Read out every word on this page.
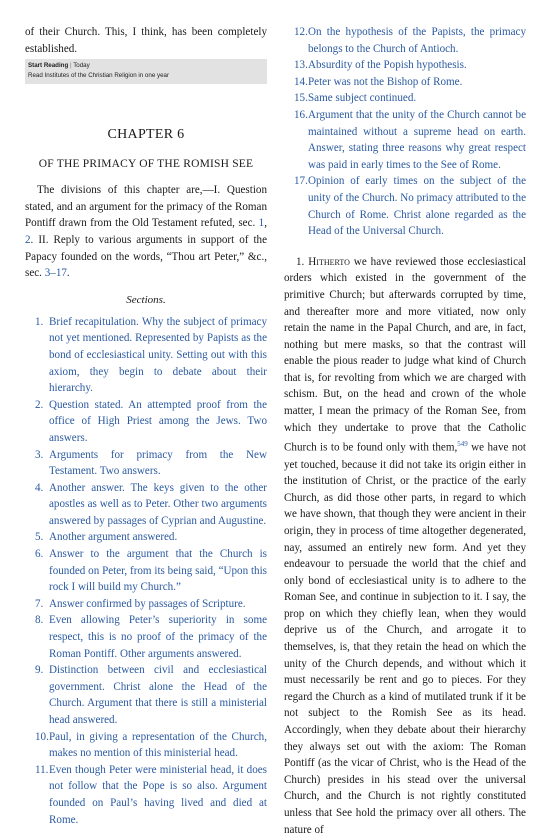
of their Church. This, I think, has been completely established.

Start Reading | Today
Read Institutes of the Christian Religion in one year
CHAPTER 6
OF THE PRIMACY OF THE ROMISH SEE

The divisions of this chapter are,—I. Question stated, and an argument for the primacy of the Roman Pontiff drawn from the Old Testament refuted, sec. 1, 2. II. Reply to various arguments in support of the Papacy founded on the words, “Thou art Peter,” &c., sec. 3–17.

Sections.

1. Brief recapitulation. Why the subject of primacy not yet mentioned. Represented by Papists as the bond of ecclesiastical unity. Setting out with this axiom, they begin to debate about their hierarchy.
2. Question stated. An attempted proof from the office of High Priest among the Jews. Two answers.
3. Arguments for primacy from the New Testament. Two answers.
4. Another answer. The keys given to the other apostles as well as to Peter. Other two arguments answered by passages of Cyprian and Augustine.
5. Another argument answered.
6. Answer to the argument that the Church is founded on Peter, from its being said, “Upon this rock I will build my Church.”
7. Answer confirmed by passages of Scripture.
8. Even allowing Peter’s superiority in some respect, this is no proof of the primacy of the Roman Pontiff. Other arguments answered.
9. Distinction between civil and ecclesiastical government. Christ alone the Head of the Church. Argument that there is still a ministerial head answered.
10.Paul, in giving a representation of the Church, makes no mention of this ministerial head.
11.Even though Peter were ministerial head, it does not follow that the Pope is so also. Argument founded on Paul’s having lived and died at Rome.
12.On the hypothesis of the Papists, the primacy belongs to the Church of Antioch.
13.Absurdity of the Popish hypothesis.
14.Peter was not the Bishop of Rome.
15.Same subject continued.
16.Argument that the unity of the Church cannot be maintained without a supreme head on earth. Answer, stating three reasons why great respect was paid in early times to the See of Rome.
17.Opinion of early times on the subject of the unity of the Church. No primacy attributed to the Church of Rome. Christ alone regarded as the Head of the Universal Church.

1. Hitherto we have reviewed those ecclesiastical orders which existed in the government of the primitive Church; but afterwards corrupted by time, and thereafter more and more vitiated, now only retain the name in the Papal Church, and are, in fact, nothing but mere masks, so that the contrast will enable the pious reader to judge what kind of Church that is, for revolting from which we are charged with schism. But, on the head and crown of the whole matter, I mean the primacy of the Roman See, from which they undertake to prove that the Catholic Church is to be found only with them,$^{549}$ we have not yet touched, because it did not take its origin either in the institution of Christ, or the practice of the early Church, as did those other parts, in regard to which we have shown, that though they were ancient in their origin, they in process of time altogether degenerated, nay, assumed an entirely new form. And yet they endeavour to persuade the world that the chief and only bond of ecclesiastical unity is to adhere to the Roman See, and continue in subjection to it. I say, the prop on which they chiefly lean, when they would deprive us of the Church, and arrogate it to themselves, is, that they retain the head on which the unity of the Church depends, and without which it must necessarily be rent and go to pieces. For they regard the Church as a kind of mutilated trunk if it be not subject to the Romish See as its head. Accordingly, when they debate about their hierarchy they always set out with the axiom: The Roman Pontiff (as the vicar of Christ, who is the Head of the Church) presides in his stead over the universal Church, and the Church is not rightly constituted unless that See hold the primacy over all others. The nature of
